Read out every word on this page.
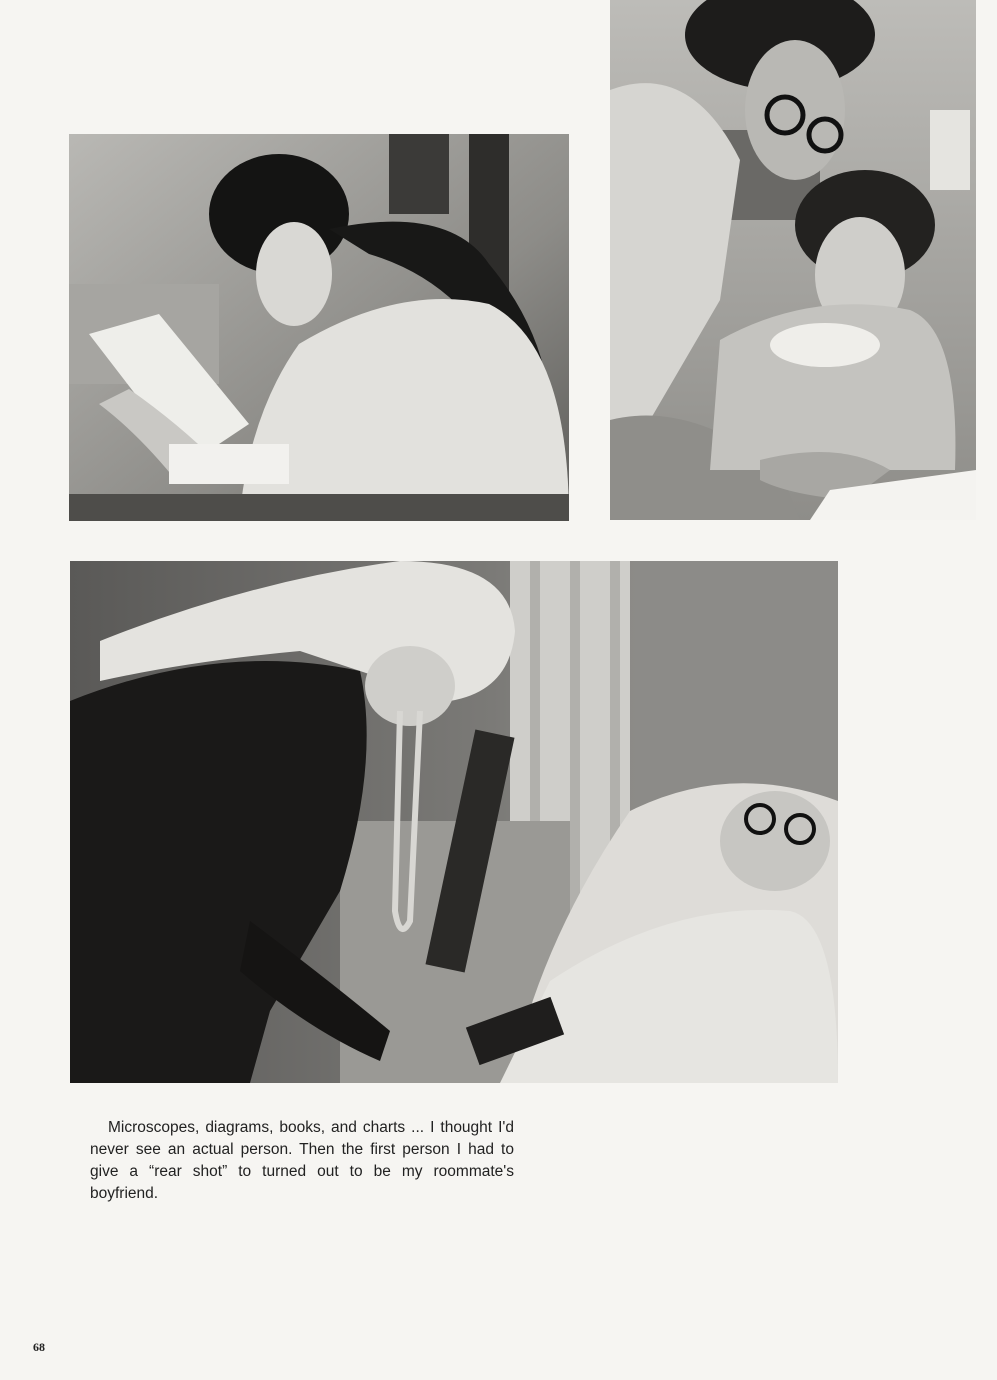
Microscopes, diagrams, books, and charts ... I thought I'd never see an actual person. Then the first person I had to give a “rear shot” to turned out to be my roommate's boyfriend.

68
